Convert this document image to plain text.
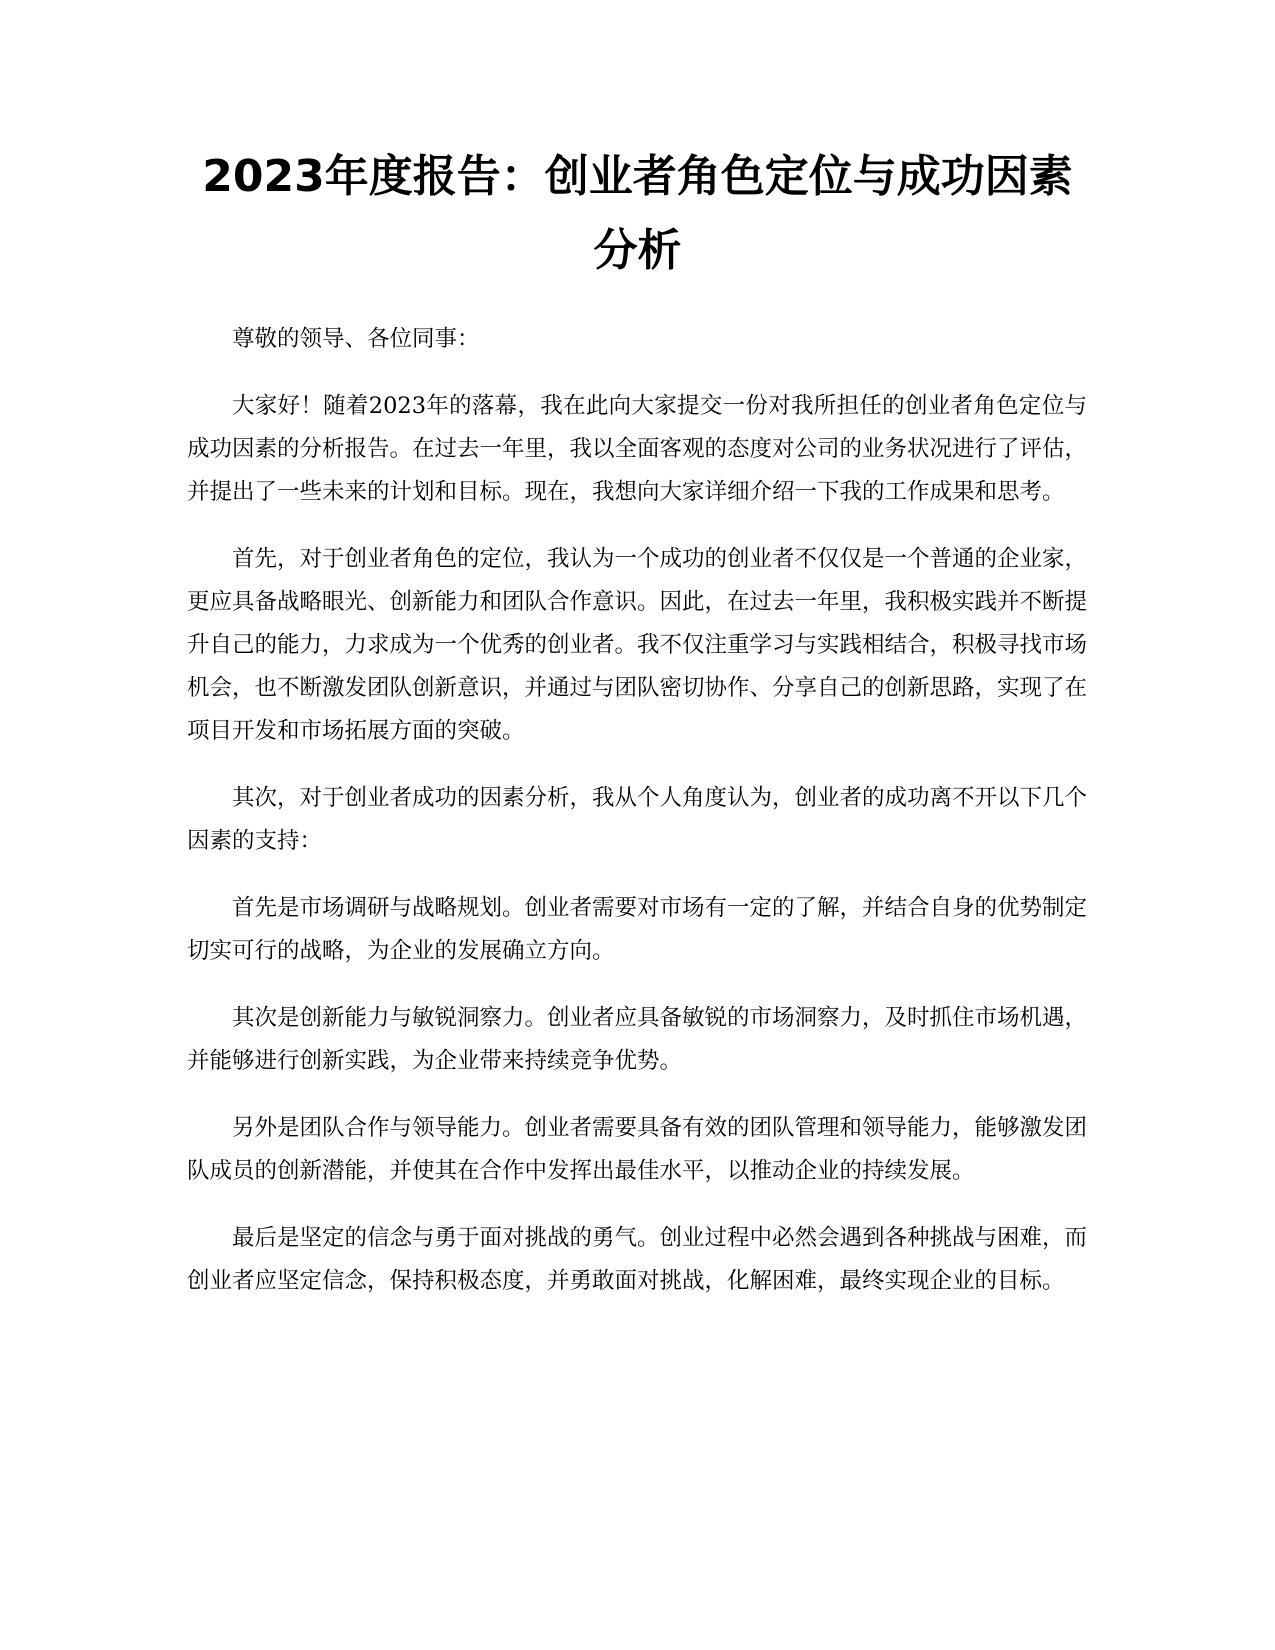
2023年度报告：创业者角色定位与成功因素分析

尊敬的领导、各位同事：

大家好！随着2023年的落幕，我在此向大家提交一份对我所担任的创业者角色定位与成功因素的分析报告。在过去一年里，我以全面客观的态度对公司的业务状况进行了评估，并提出了一些未来的计划和目标。现在，我想向大家详细介绍一下我的工作成果和思考。

首先，对于创业者角色的定位，我认为一个成功的创业者不仅仅是一个普通的企业家，更应具备战略眼光、创新能力和团队合作意识。因此，在过去一年里，我积极实践并不断提升自己的能力，力求成为一个优秀的创业者。我不仅注重学习与实践相结合，积极寻找市场机会，也不断激发团队创新意识，并通过与团队密切协作、分享自己的创新思路，实现了在项目开发和市场拓展方面的突破。

其次，对于创业者成功的因素分析，我从个人角度认为，创业者的成功离不开以下几个因素的支持：

首先是市场调研与战略规划。创业者需要对市场有一定的了解，并结合自身的优势制定切实可行的战略，为企业的发展确立方向。

其次是创新能力与敏锐洞察力。创业者应具备敏锐的市场洞察力，及时抓住市场机遇，并能够进行创新实践，为企业带来持续竞争优势。

另外是团队合作与领导能力。创业者需要具备有效的团队管理和领导能力，能够激发团队成员的创新潜能，并使其在合作中发挥出最佳水平，以推动企业的持续发展。

最后是坚定的信念与勇于面对挑战的勇气。创业过程中必然会遇到各种挑战与困难，而创业者应坚定信念，保持积极态度，并勇敢面对挑战，化解困难，最终实现企业的目标。
